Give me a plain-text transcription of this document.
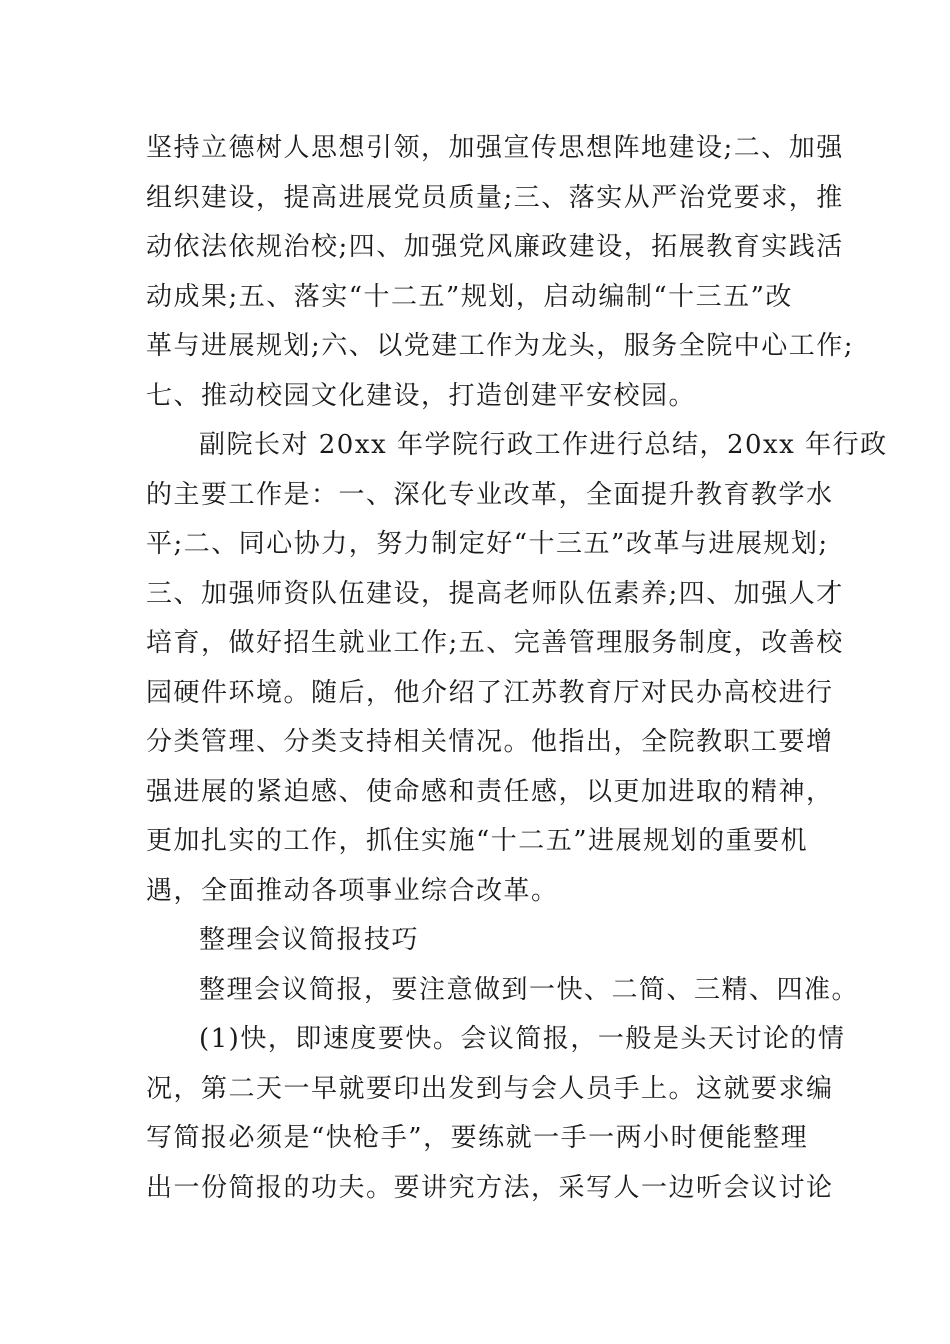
坚持立德树人思想引领，加强宣传思想阵地建设;二、加强
组织建设，提高进展党员质量;三、落实从严治党要求，推
动依法依规治校;四、加强党风廉政建设，拓展教育实践活
动成果;五、落实“十二五”规划，启动编制“十三五”改
革与进展规划;六、以党建工作为龙头，服务全院中心工作;
七、推动校园文化建设，打造创建平安校园。
副院长对 20xx 年学院行政工作进行总结，20xx 年行政
的主要工作是：一、深化专业改革，全面提升教育教学水
平;二、同心协力，努力制定好“十三五”改革与进展规划;
三、加强师资队伍建设，提高老师队伍素养;四、加强人才
培育，做好招生就业工作;五、完善管理服务制度，改善校
园硬件环境。随后，他介绍了江苏教育厅对民办高校进行
分类管理、分类支持相关情况。他指出，全院教职工要增
强进展的紧迫感、使命感和责任感，以更加进取的精神，
更加扎实的工作，抓住实施“十二五”进展规划的重要机
遇，全面推动各项事业综合改革。
整理会议简报技巧
整理会议简报，要注意做到一快、二简、三精、四准。
(1)快，即速度要快。会议简报，一般是头天讨论的情
况，第二天一早就要印出发到与会人员手上。这就要求编
写简报必须是“快枪手”，要练就一手一两小时便能整理
出一份简报的功夫。要讲究方法，采写人一边听会议讨论
